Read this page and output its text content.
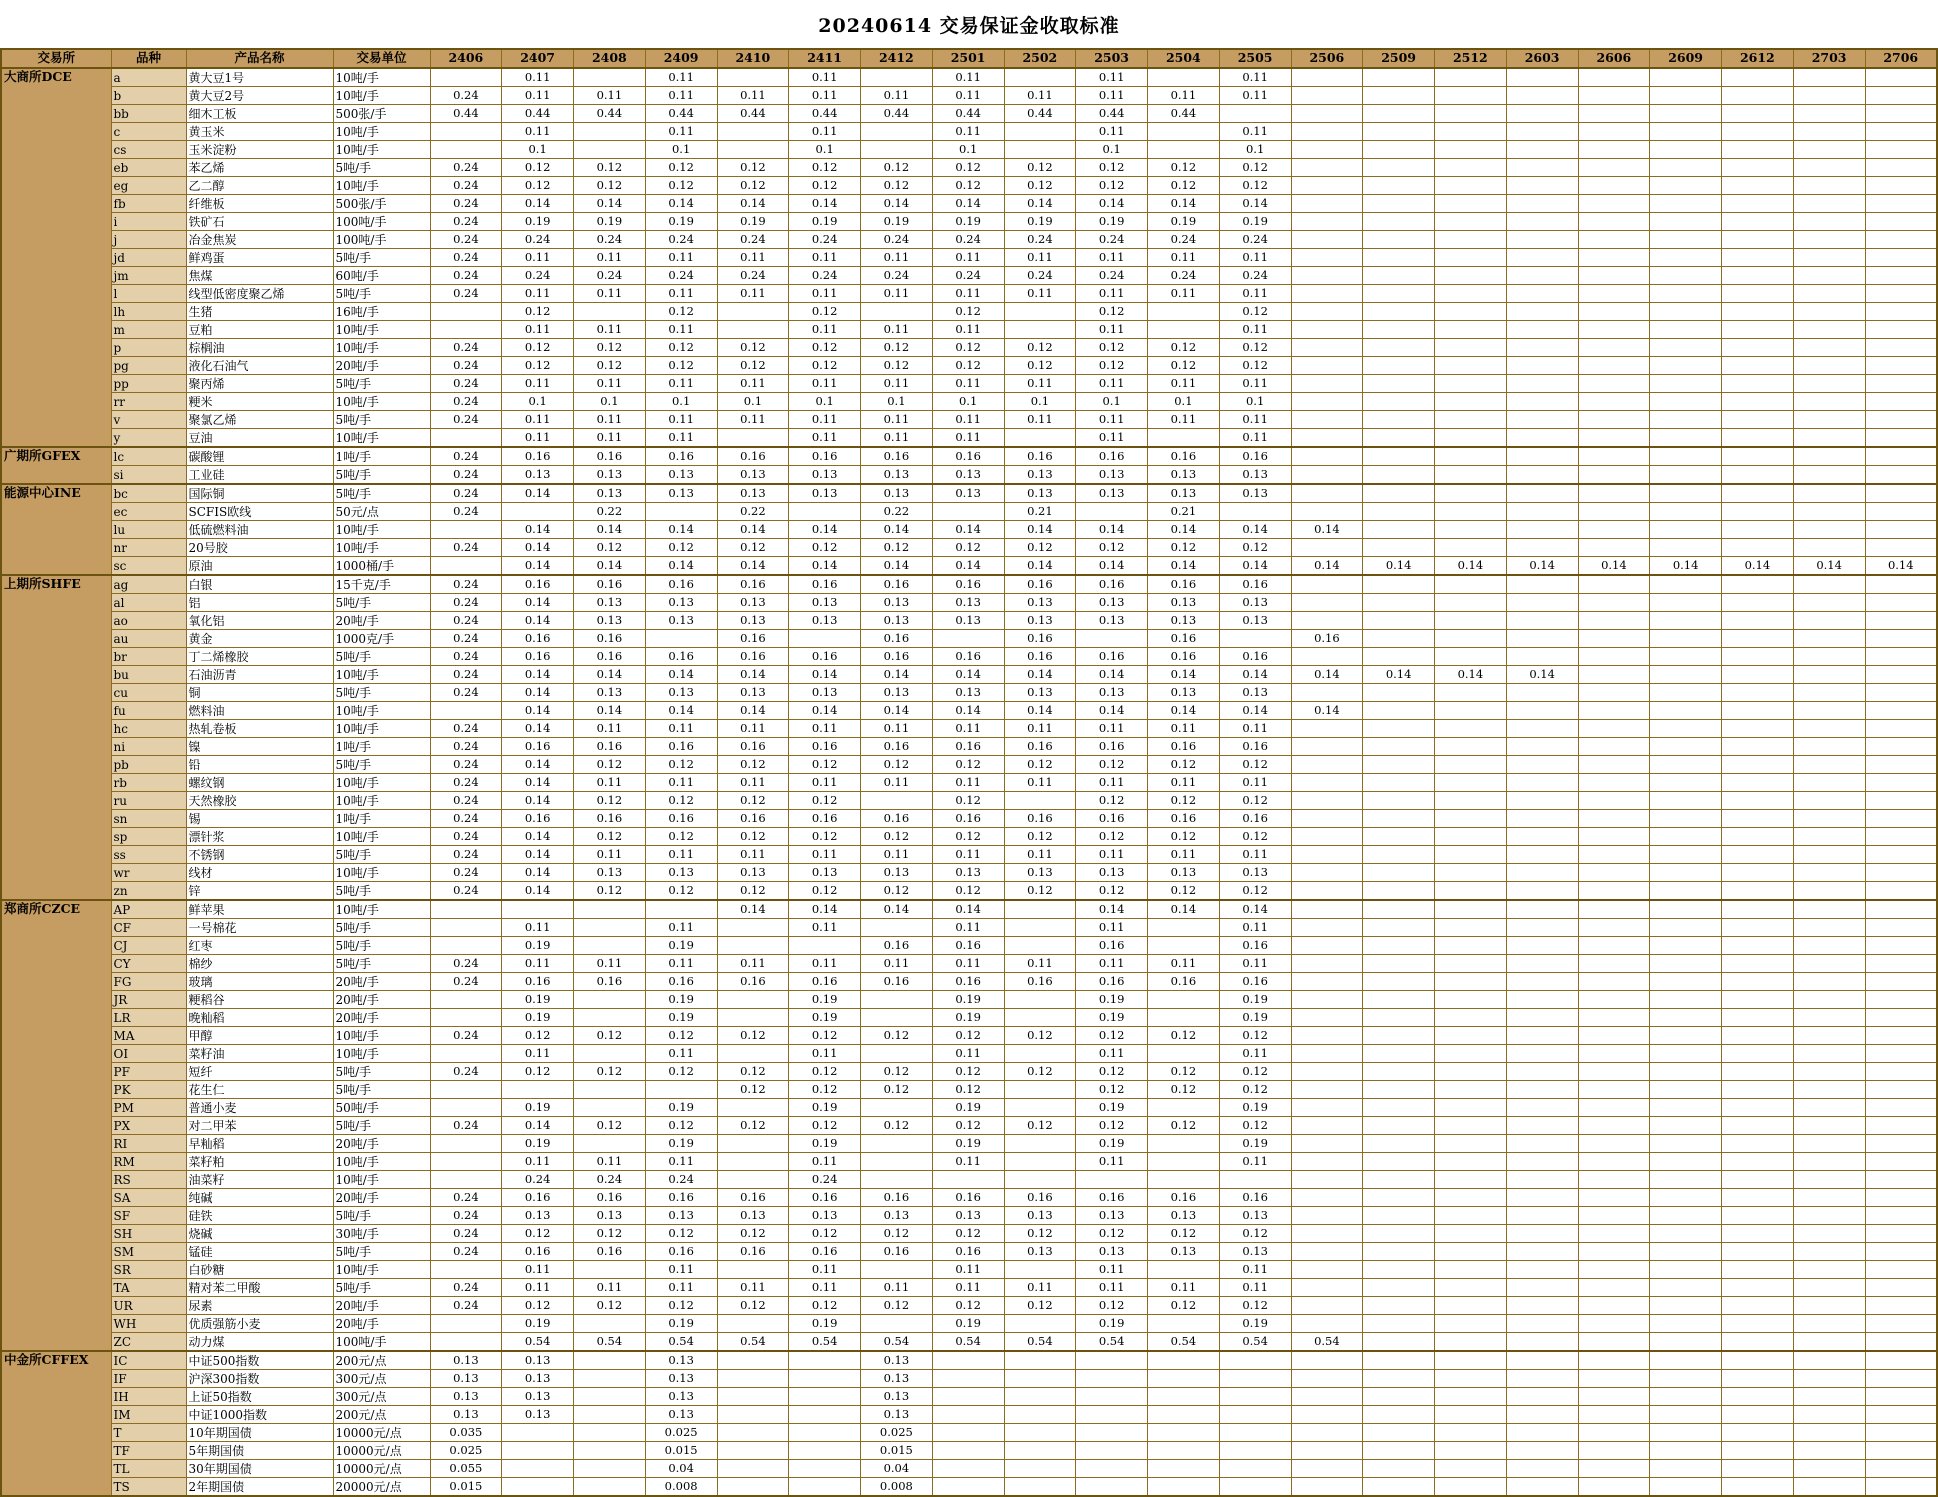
20240614 交易保证金收取标准
交易所	品种	产品名称	交易单位	2406	2407	2408	2409	2410	2411	2412	2501	2502	2503	2504	2505	2506	2509	2512	2603	2606	2609	2612	2703	2706
大商所DCE	a	黄大豆1号	10吨/手		0.11		0.11		0.11		0.11		0.11		0.11									
	b	黄大豆2号	10吨/手	0.24	0.11	0.11	0.11	0.11	0.11	0.11	0.11	0.11	0.11	0.11	0.11									
	bb	细木工板	500张/手	0.44	0.44	0.44	0.44	0.44	0.44	0.44	0.44	0.44	0.44	0.44										
	c	黄玉米	10吨/手		0.11		0.11		0.11		0.11		0.11		0.11									
	cs	玉米淀粉	10吨/手		0.1		0.1		0.1		0.1		0.1		0.1									
	eb	苯乙烯	5吨/手	0.24	0.12	0.12	0.12	0.12	0.12	0.12	0.12	0.12	0.12	0.12	0.12									
	eg	乙二醇	10吨/手	0.24	0.12	0.12	0.12	0.12	0.12	0.12	0.12	0.12	0.12	0.12	0.12									
	fb	纤维板	500张/手	0.24	0.14	0.14	0.14	0.14	0.14	0.14	0.14	0.14	0.14	0.14	0.14									
	i	铁矿石	100吨/手	0.24	0.19	0.19	0.19	0.19	0.19	0.19	0.19	0.19	0.19	0.19	0.19									
	j	冶金焦炭	100吨/手	0.24	0.24	0.24	0.24	0.24	0.24	0.24	0.24	0.24	0.24	0.24	0.24									
	jd	鲜鸡蛋	5吨/手	0.24	0.11	0.11	0.11	0.11	0.11	0.11	0.11	0.11	0.11	0.11	0.11									
	jm	焦煤	60吨/手	0.24	0.24	0.24	0.24	0.24	0.24	0.24	0.24	0.24	0.24	0.24	0.24									
	l	线型低密度聚乙烯	5吨/手	0.24	0.11	0.11	0.11	0.11	0.11	0.11	0.11	0.11	0.11	0.11	0.11									
	lh	生猪	16吨/手		0.12		0.12		0.12		0.12		0.12		0.12									
	m	豆粕	10吨/手		0.11	0.11	0.11		0.11	0.11	0.11		0.11		0.11									
	p	棕榈油	10吨/手	0.24	0.12	0.12	0.12	0.12	0.12	0.12	0.12	0.12	0.12	0.12	0.12									
	pg	液化石油气	20吨/手	0.24	0.12	0.12	0.12	0.12	0.12	0.12	0.12	0.12	0.12	0.12	0.12									
	pp	聚丙烯	5吨/手	0.24	0.11	0.11	0.11	0.11	0.11	0.11	0.11	0.11	0.11	0.11	0.11									
	rr	粳米	10吨/手	0.24	0.1	0.1	0.1	0.1	0.1	0.1	0.1	0.1	0.1	0.1	0.1									
	v	聚氯乙烯	5吨/手	0.24	0.11	0.11	0.11	0.11	0.11	0.11	0.11	0.11	0.11	0.11	0.11									
	y	豆油	10吨/手		0.11	0.11	0.11		0.11	0.11	0.11		0.11		0.11									
广期所GFEX	lc	碳酸锂	1吨/手	0.24	0.16	0.16	0.16	0.16	0.16	0.16	0.16	0.16	0.16	0.16	0.16									
	si	工业硅	5吨/手	0.24	0.13	0.13	0.13	0.13	0.13	0.13	0.13	0.13	0.13	0.13	0.13									
能源中心INE	bc	国际铜	5吨/手	0.24	0.14	0.13	0.13	0.13	0.13	0.13	0.13	0.13	0.13	0.13	0.13									
	ec	SCFIS欧线	50元/点	0.24		0.22		0.22		0.22		0.21		0.21										
	lu	低硫燃料油	10吨/手		0.14	0.14	0.14	0.14	0.14	0.14	0.14	0.14	0.14	0.14	0.14	0.14								
	nr	20号胶	10吨/手	0.24	0.14	0.12	0.12	0.12	0.12	0.12	0.12	0.12	0.12	0.12	0.12									
	sc	原油	1000桶/手		0.14	0.14	0.14	0.14	0.14	0.14	0.14	0.14	0.14	0.14	0.14	0.14	0.14	0.14	0.14	0.14	0.14	0.14	0.14	0.14
上期所SHFE	ag	白银	15千克/手	0.24	0.16	0.16	0.16	0.16	0.16	0.16	0.16	0.16	0.16	0.16	0.16									
	al	铝	5吨/手	0.24	0.14	0.13	0.13	0.13	0.13	0.13	0.13	0.13	0.13	0.13	0.13									
	ao	氧化铝	20吨/手	0.24	0.14	0.13	0.13	0.13	0.13	0.13	0.13	0.13	0.13	0.13	0.13									
	au	黄金	1000克/手	0.24	0.16	0.16		0.16		0.16		0.16		0.16		0.16								
	br	丁二烯橡胶	5吨/手	0.24	0.16	0.16	0.16	0.16	0.16	0.16	0.16	0.16	0.16	0.16	0.16									
	bu	石油沥青	10吨/手	0.24	0.14	0.14	0.14	0.14	0.14	0.14	0.14	0.14	0.14	0.14	0.14	0.14	0.14	0.14	0.14					
	cu	铜	5吨/手	0.24	0.14	0.13	0.13	0.13	0.13	0.13	0.13	0.13	0.13	0.13	0.13									
	fu	燃料油	10吨/手		0.14	0.14	0.14	0.14	0.14	0.14	0.14	0.14	0.14	0.14	0.14	0.14								
	hc	热轧卷板	10吨/手	0.24	0.14	0.11	0.11	0.11	0.11	0.11	0.11	0.11	0.11	0.11	0.11									
	ni	镍	1吨/手	0.24	0.16	0.16	0.16	0.16	0.16	0.16	0.16	0.16	0.16	0.16	0.16									
	pb	铅	5吨/手	0.24	0.14	0.12	0.12	0.12	0.12	0.12	0.12	0.12	0.12	0.12	0.12									
	rb	螺纹钢	10吨/手	0.24	0.14	0.11	0.11	0.11	0.11	0.11	0.11	0.11	0.11	0.11	0.11									
	ru	天然橡胶	10吨/手	0.24	0.14	0.12	0.12	0.12	0.12		0.12		0.12	0.12	0.12									
	sn	锡	1吨/手	0.24	0.16	0.16	0.16	0.16	0.16	0.16	0.16	0.16	0.16	0.16	0.16									
	sp	漂针浆	10吨/手	0.24	0.14	0.12	0.12	0.12	0.12	0.12	0.12	0.12	0.12	0.12	0.12									
	ss	不锈钢	5吨/手	0.24	0.14	0.11	0.11	0.11	0.11	0.11	0.11	0.11	0.11	0.11	0.11									
	wr	线材	10吨/手	0.24	0.14	0.13	0.13	0.13	0.13	0.13	0.13	0.13	0.13	0.13	0.13									
	zn	锌	5吨/手	0.24	0.14	0.12	0.12	0.12	0.12	0.12	0.12	0.12	0.12	0.12	0.12									
郑商所CZCE	AP	鲜苹果	10吨/手					0.14	0.14	0.14	0.14		0.14	0.14	0.14									
	CF	一号棉花	5吨/手		0.11		0.11		0.11		0.11		0.11		0.11									
	CJ	红枣	5吨/手		0.19		0.19			0.16	0.16		0.16		0.16									
	CY	棉纱	5吨/手	0.24	0.11	0.11	0.11	0.11	0.11	0.11	0.11	0.11	0.11	0.11	0.11									
	FG	玻璃	20吨/手	0.24	0.16	0.16	0.16	0.16	0.16	0.16	0.16	0.16	0.16	0.16	0.16									
	JR	粳稻谷	20吨/手		0.19		0.19		0.19		0.19		0.19		0.19									
	LR	晚籼稻	20吨/手		0.19		0.19		0.19		0.19		0.19		0.19									
	MA	甲醇	10吨/手	0.24	0.12	0.12	0.12	0.12	0.12	0.12	0.12	0.12	0.12	0.12	0.12									
	OI	菜籽油	10吨/手		0.11		0.11		0.11		0.11		0.11		0.11									
	PF	短纤	5吨/手	0.24	0.12	0.12	0.12	0.12	0.12	0.12	0.12	0.12	0.12	0.12	0.12									
	PK	花生仁	5吨/手					0.12	0.12	0.12	0.12		0.12	0.12	0.12									
	PM	普通小麦	50吨/手		0.19		0.19		0.19		0.19		0.19		0.19									
	PX	对二甲苯	5吨/手	0.24	0.14	0.12	0.12	0.12	0.12	0.12	0.12	0.12	0.12	0.12	0.12									
	RI	早籼稻	20吨/手		0.19		0.19		0.19		0.19		0.19		0.19									
	RM	菜籽粕	10吨/手		0.11	0.11	0.11		0.11		0.11		0.11		0.11									
	RS	油菜籽	10吨/手		0.24	0.24	0.24		0.24															
	SA	纯碱	20吨/手	0.24	0.16	0.16	0.16	0.16	0.16	0.16	0.16	0.16	0.16	0.16	0.16									
	SF	硅铁	5吨/手	0.24	0.13	0.13	0.13	0.13	0.13	0.13	0.13	0.13	0.13	0.13	0.13									
	SH	烧碱	30吨/手	0.24	0.12	0.12	0.12	0.12	0.12	0.12	0.12	0.12	0.12	0.12	0.12									
	SM	锰硅	5吨/手	0.24	0.16	0.16	0.16	0.16	0.16	0.16	0.16	0.13	0.13	0.13	0.13									
	SR	白砂糖	10吨/手		0.11		0.11		0.11		0.11		0.11		0.11									
	TA	精对苯二甲酸	5吨/手	0.24	0.11	0.11	0.11	0.11	0.11	0.11	0.11	0.11	0.11	0.11	0.11									
	UR	尿素	20吨/手	0.24	0.12	0.12	0.12	0.12	0.12	0.12	0.12	0.12	0.12	0.12	0.12									
	WH	优质强筋小麦	20吨/手		0.19		0.19		0.19		0.19		0.19		0.19									
	ZC	动力煤	100吨/手		0.54	0.54	0.54	0.54	0.54	0.54	0.54	0.54	0.54	0.54	0.54	0.54								
中金所CFFEX	IC	中证500指数	200元/点	0.13	0.13		0.13			0.13														
	IF	沪深300指数	300元/点	0.13	0.13		0.13			0.13														
	IH	上证50指数	300元/点	0.13	0.13		0.13			0.13														
	IM	中证1000指数	200元/点	0.13	0.13		0.13			0.13														
	T	10年期国债	10000元/点	0.035			0.025			0.025														
	TF	5年期国债	10000元/点	0.025			0.015			0.015														
	TL	30年期国债	10000元/点	0.055			0.04			0.04														
	TS	2年期国债	20000元/点	0.015			0.008			0.008														
